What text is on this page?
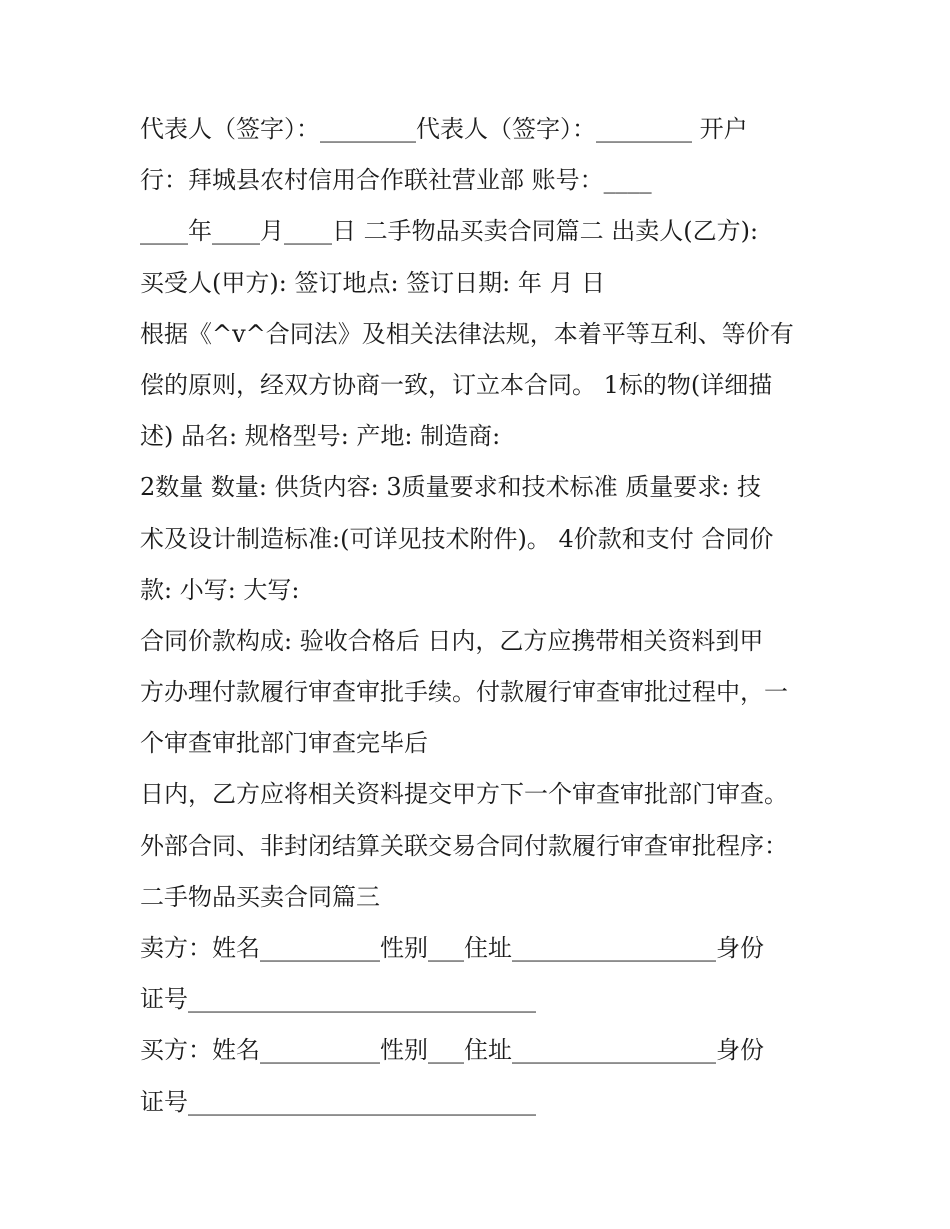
代表人（签字）：________代表人（签字）：________ 开户
行：拜城县农村信用合作联社营业部 账号：____
____年____月____日 二手物品买卖合同篇二 出卖人(乙方):
买受人(甲方): 签订地点: 签订日期: 年 月 日
根据《^v^合同法》及相关法律法规，本着平等互利、等价有
偿的原则，经双方协商一致，订立本合同。 1标的物(详细描
述) 品名: 规格型号: 产地: 制造商:
2数量 数量: 供货内容: 3质量要求和技术标准 质量要求: 技
术及设计制造标准:(可详见技术附件)。 4价款和支付 合同价
款: 小写: 大写:
合同价款构成: 验收合格后 日内，乙方应携带相关资料到甲
方办理付款履行审查审批手续。付款履行审查审批过程中，一
个审查审批部门审查完毕后
日内，乙方应将相关资料提交甲方下一个审查审批部门审查。
外部合同、非封闭结算关联交易合同付款履行审查审批程序：
二手物品买卖合同篇三
卖方：姓名__________性别___住址_________________身份
证号_____________________________
买方：姓名__________性别___住址_________________身份
证号_____________________________
